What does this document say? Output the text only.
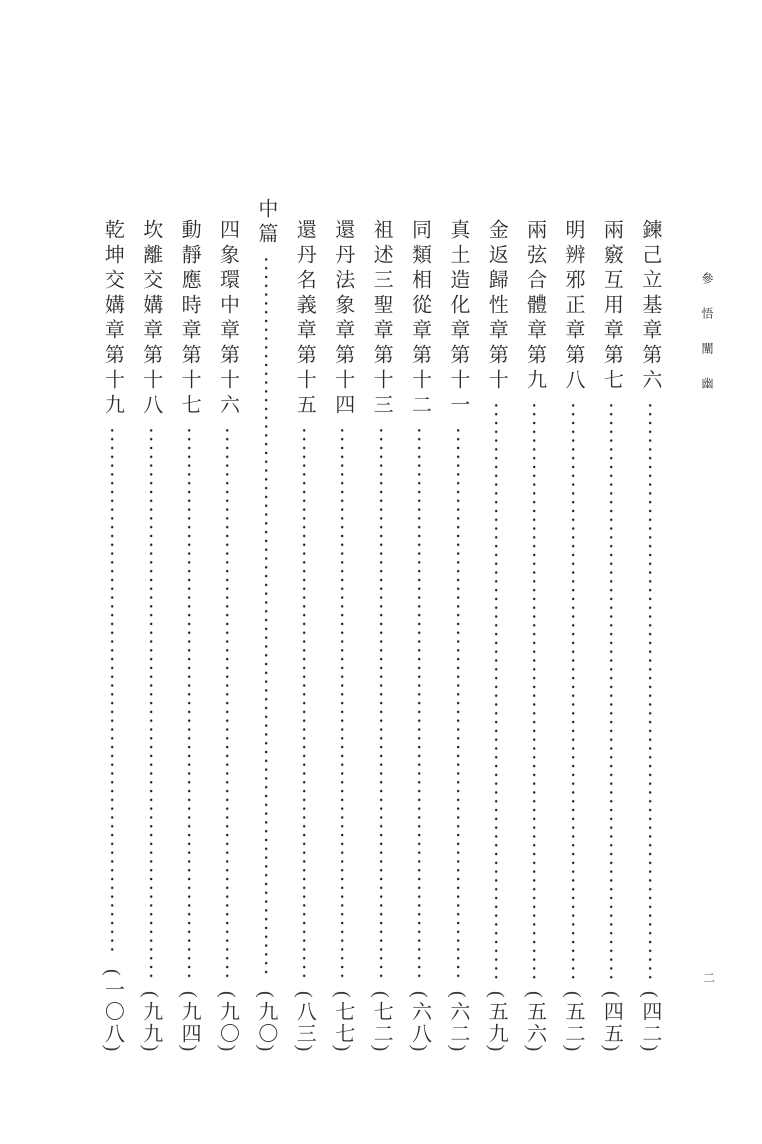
參悟闡幽
鍊己立基章第六
(四二)
兩竅互用章第七
(四五)
明辨邪正章第八
(五二)
兩弦合體章第九
(五六)
金返歸性章第十
(五九)
真土造化章第十一
(六二)
同類相從章第十二
(六八)
祖述三聖章第十三
(七二)
還丹法象章第十四
(七七)
還丹名義章第十五
(八三)
中篇
(九〇)
四象環中章第十六
(九〇)
動靜應時章第十七
(九四)
坎離交媾章第十八
(九九)
乾坤交媾章第十九
(一〇八)
二
